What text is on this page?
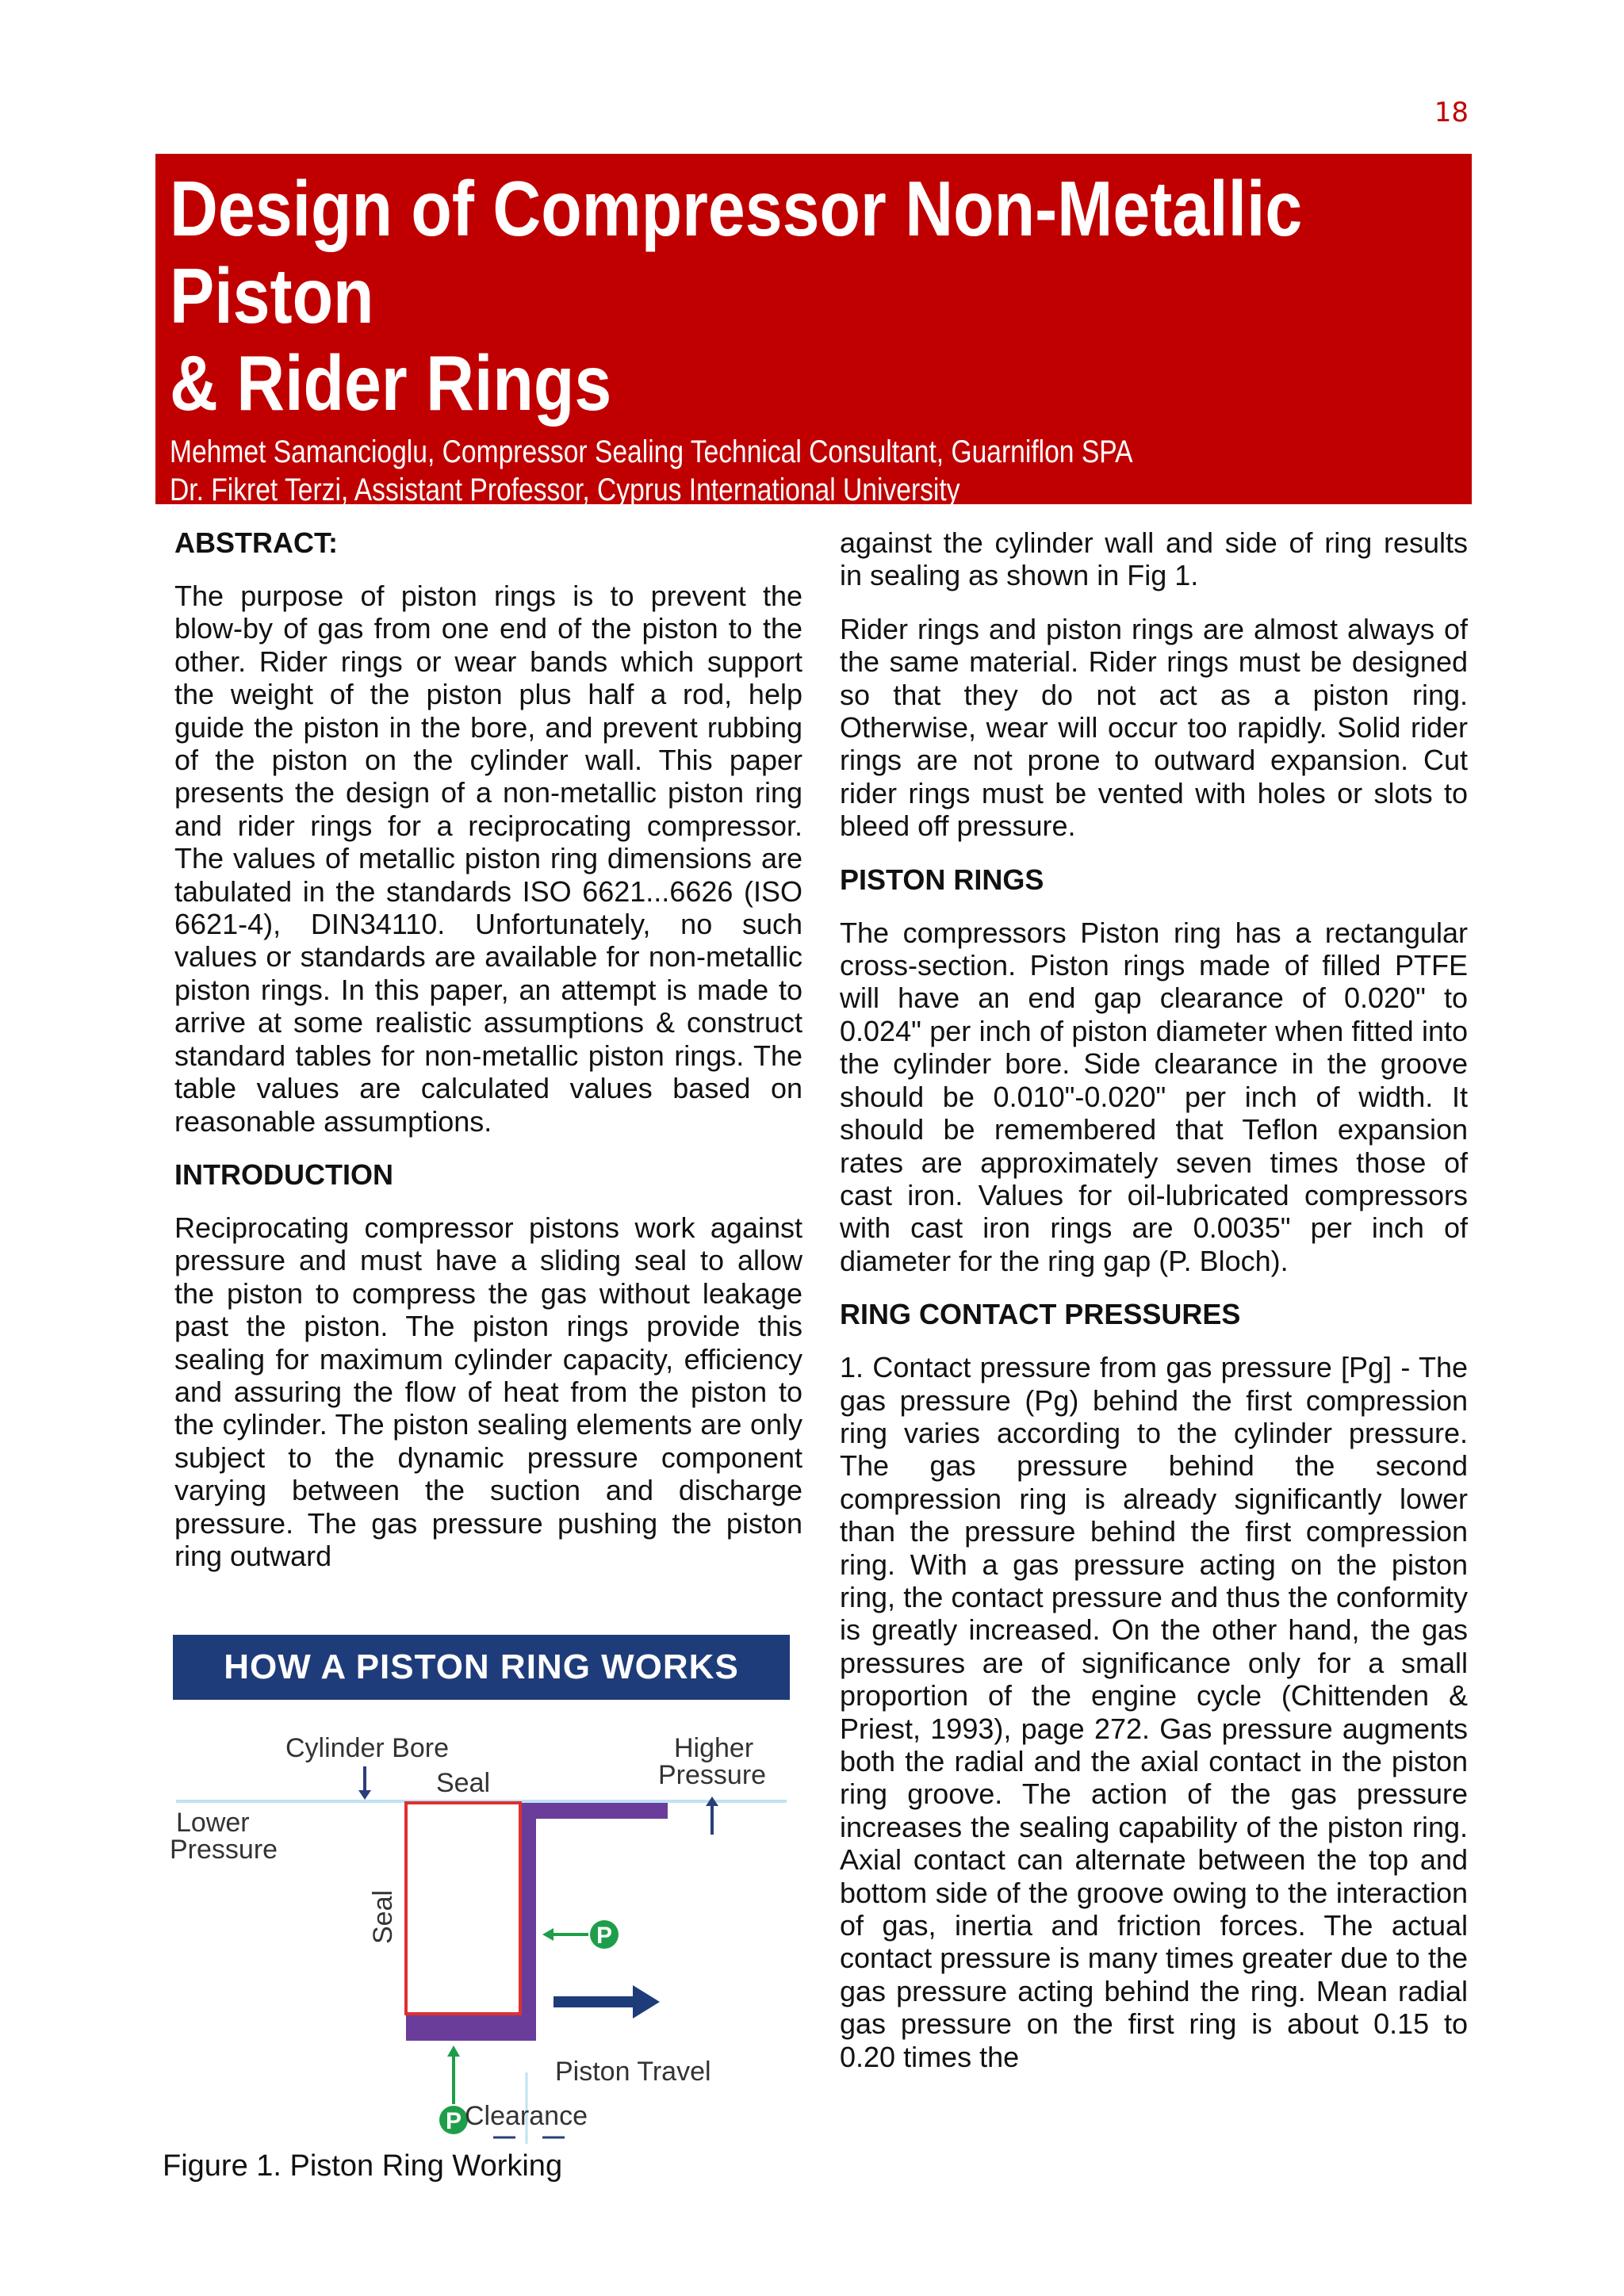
18
Design of Compressor Non-Metallic Piston
& Rider Rings
Mehmet Samancioglu, Compressor Sealing Technical Consultant, Guarniflon SPA
Dr. Fikret Terzi, Assistant Professor, Cyprus International University
ABSTRACT:

The purpose of piston rings is to prevent the blow-by of gas from one end of the piston to the other. Rider rings or wear bands which support the weight of the piston plus half a rod, help guide the piston in the bore, and prevent rubbing of the piston on the cylinder wall. This paper presents the design of a non-metallic piston ring and rider rings for a reciprocating compressor. The values of metallic piston ring dimensions are tabulated in the standards ISO 6621...6626 (ISO 6621-4), DIN34110. Unfortunately, no such values or standards are available for non-metallic piston rings. In this paper, an attempt is made to arrive at some realistic assumptions & construct standard tables for non-metallic piston rings. The table values are calculated values based on reasonable assumptions.

INTRODUCTION

Reciprocating compressor pistons work against pressure and must have a sliding seal to allow the piston to compress the gas without leakage past the piston. The piston rings provide this sealing for maximum cylinder capacity, efficiency and assuring the flow of heat from the piston to the cylinder. The piston sealing elements are only subject to the dynamic pressure component varying between the suction and discharge pressure. The gas pressure pushing the piston ring outward

HOW A PISTON RING WORKS
Cylinder Bore	Higher
Pressure
Lower
Pressure
Seal
Seal	P
P
Piston Travel
Clearance
Figure 1. Piston Ring Working

against the cylinder wall and side of ring results in sealing as shown in Fig 1.

Rider rings and piston rings are almost always of the same material. Rider rings must be designed so that they do not act as a piston ring. Otherwise, wear will occur too rapidly. Solid rider rings are not prone to outward expansion. Cut rider rings must be vented with holes or slots to bleed off pressure.

PISTON RINGS

The compressors Piston ring has a rectangular cross-section. Piston rings made of filled PTFE will have an end gap clearance of 0.020" to 0.024" per inch of piston diameter when fitted into the cylinder bore. Side clearance in the groove should be 0.010"-0.020" per inch of width. It should be remembered that Teflon expansion rates are approximately seven times those of cast iron. Values for oil-lubricated compressors with cast iron rings are 0.0035" per inch of diameter for the ring gap (P. Bloch).

RING CONTACT PRESSURES

1. Contact pressure from gas pressure [Pg] - The gas pressure (Pg) behind the first compression ring varies according to the cylinder pressure. The gas pressure behind the second compression ring is already significantly lower than the pressure behind the first compression ring. With a gas pressure acting on the piston ring, the contact pressure and thus the conformity is greatly increased. On the other hand, the gas pressures are of significance only for a small proportion of the engine cycle (Chittenden & Priest, 1993), page 272. Gas pressure augments both the radial and the axial contact in the piston ring groove. The action of the gas pressure increases the sealing capability of the piston ring. Axial contact can alternate between the top and bottom side of the groove owing to the interaction of gas, inertia and friction forces. The actual contact pressure is many times greater due to the gas pressure acting behind the ring. Mean radial gas pressure on the first ring is about 0.15 to 0.20 times the
